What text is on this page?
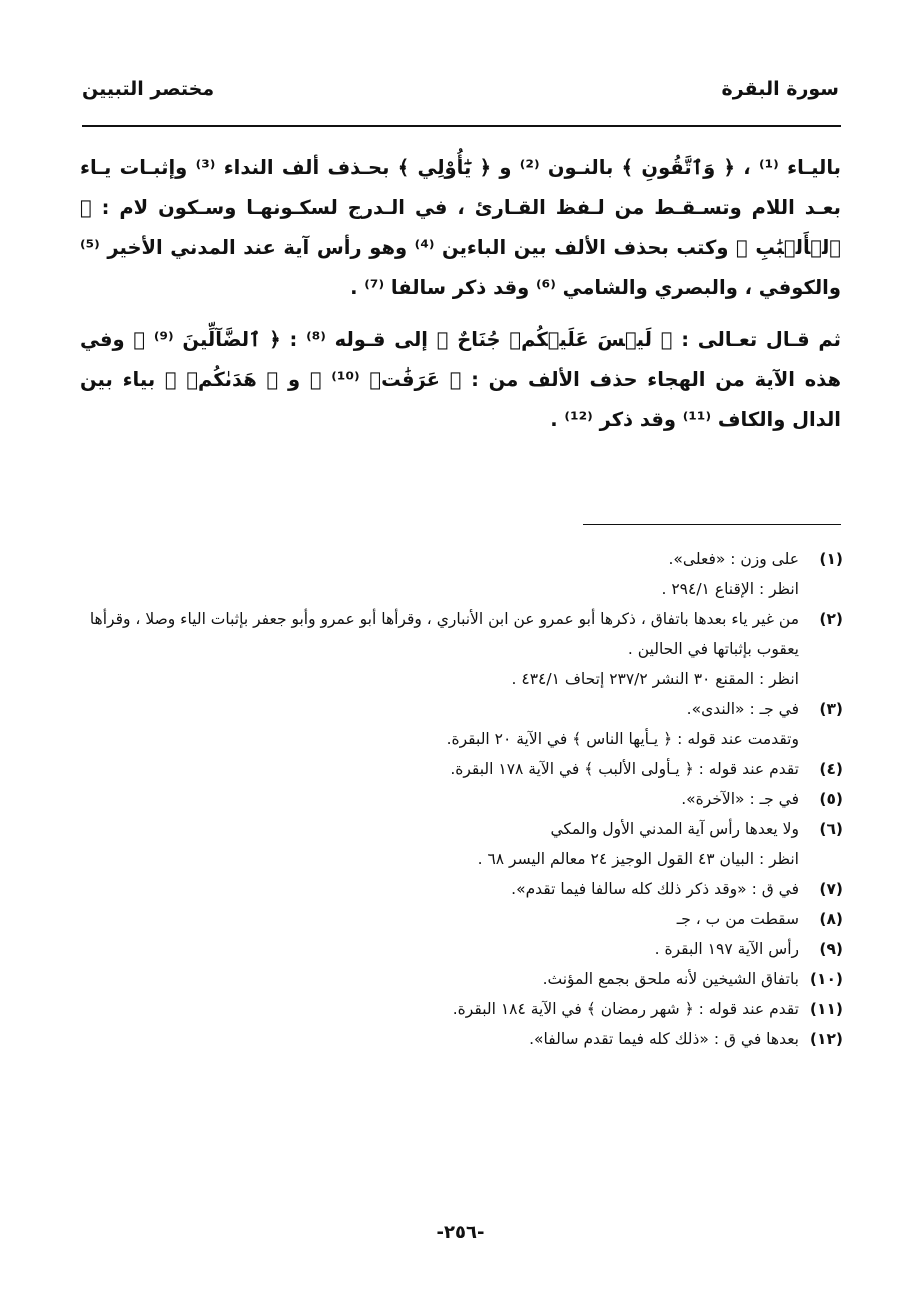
سورة البقرة
مختصر التبيين

باليـاء ⁽¹⁾ ، ﴿ وَٱتَّقُونِ ﴾ بالنـون ⁽²⁾ و ﴿ يَٰٓأُوْلِي ﴾ بحـذف ألف النداء ⁽³⁾ وإثبـات يـاء بعـد اللام وتسـقـط من لـفظ القـارئ ، في الـدرج لسكـونهـا وسـكون لام : ﴿ ٱلۡأَلۡبَٰبِ ﴾ وكتب بحذف الألف بين الباءين ⁽⁴⁾ وهو رأس آية عند المدني الأخير ⁽⁵⁾ والكوفي ، والبصري والشامي ⁽⁶⁾ وقد ذكر سالفا ⁽⁷⁾ .

ثم قـال تعـالى : ﴿ لَيۡسَ عَلَيۡكُمۡ جُنَاحٌ ﴾ إلى قـوله ⁽⁸⁾ : ﴿ ٱلضَّآلِّينَ ⁽⁹⁾ ﴾ وفي هذه الآية من الهجاء حذف الألف من : ﴿ عَرَفَٰتٖ ⁽¹⁰⁾ ﴾ و ﴿ هَدَىٰكُمۡ ﴾ بياء بين الدال والكاف ⁽¹¹⁾ وقد ذكر ⁽¹²⁾ .

(١)
على وزن : «فعلى».
انظر : الإقناع ٢٩٤/١ .
(٢)
من غير ياء بعدها باتفاق ، ذكرها أبو عمرو عن ابن الأنباري ، وقرأها أبو عمرو وأبو جعفر بإثبات الياء وصلا ، وقرأها يعقوب بإثباتها في الحالين .
انظر : المقنع ٣٠ النشر ٢٣٧/٢ إتحاف ٤٣٤/١ .
(٣)
في جـ : «الندى».
وتقدمت عند قوله : ﴿ يـأيها الناس ﴾ في الآية ٢٠ البقرة.
(٤)
تقدم عند قوله : ﴿ يـأولى الألبب ﴾ في الآية ١٧٨ البقرة.
(٥)
في جـ : «الآخرة».
(٦)
ولا يعدها رأس آية المدني الأول والمكي
انظر : البيان ٤٣ القول الوجيز ٢٤ معالم اليسر ٦٨ .
(٧)
في ق : «وقد ذكر ذلك كله سالفا فيما تقدم».
(٨)
سقطت من ب ، جـ
(٩)
رأس الآية ١٩٧ البقرة .
(١٠)
باتفاق الشيخين لأنه ملحق بجمع المؤنث.
(١١)
تقدم عند قوله : ﴿ شهر رمضان ﴾ في الآية ١٨٤ البقرة.
(١٢)
بعدها في ق : «ذلك كله فيما تقدم سالفا».
-٢٥٦-
